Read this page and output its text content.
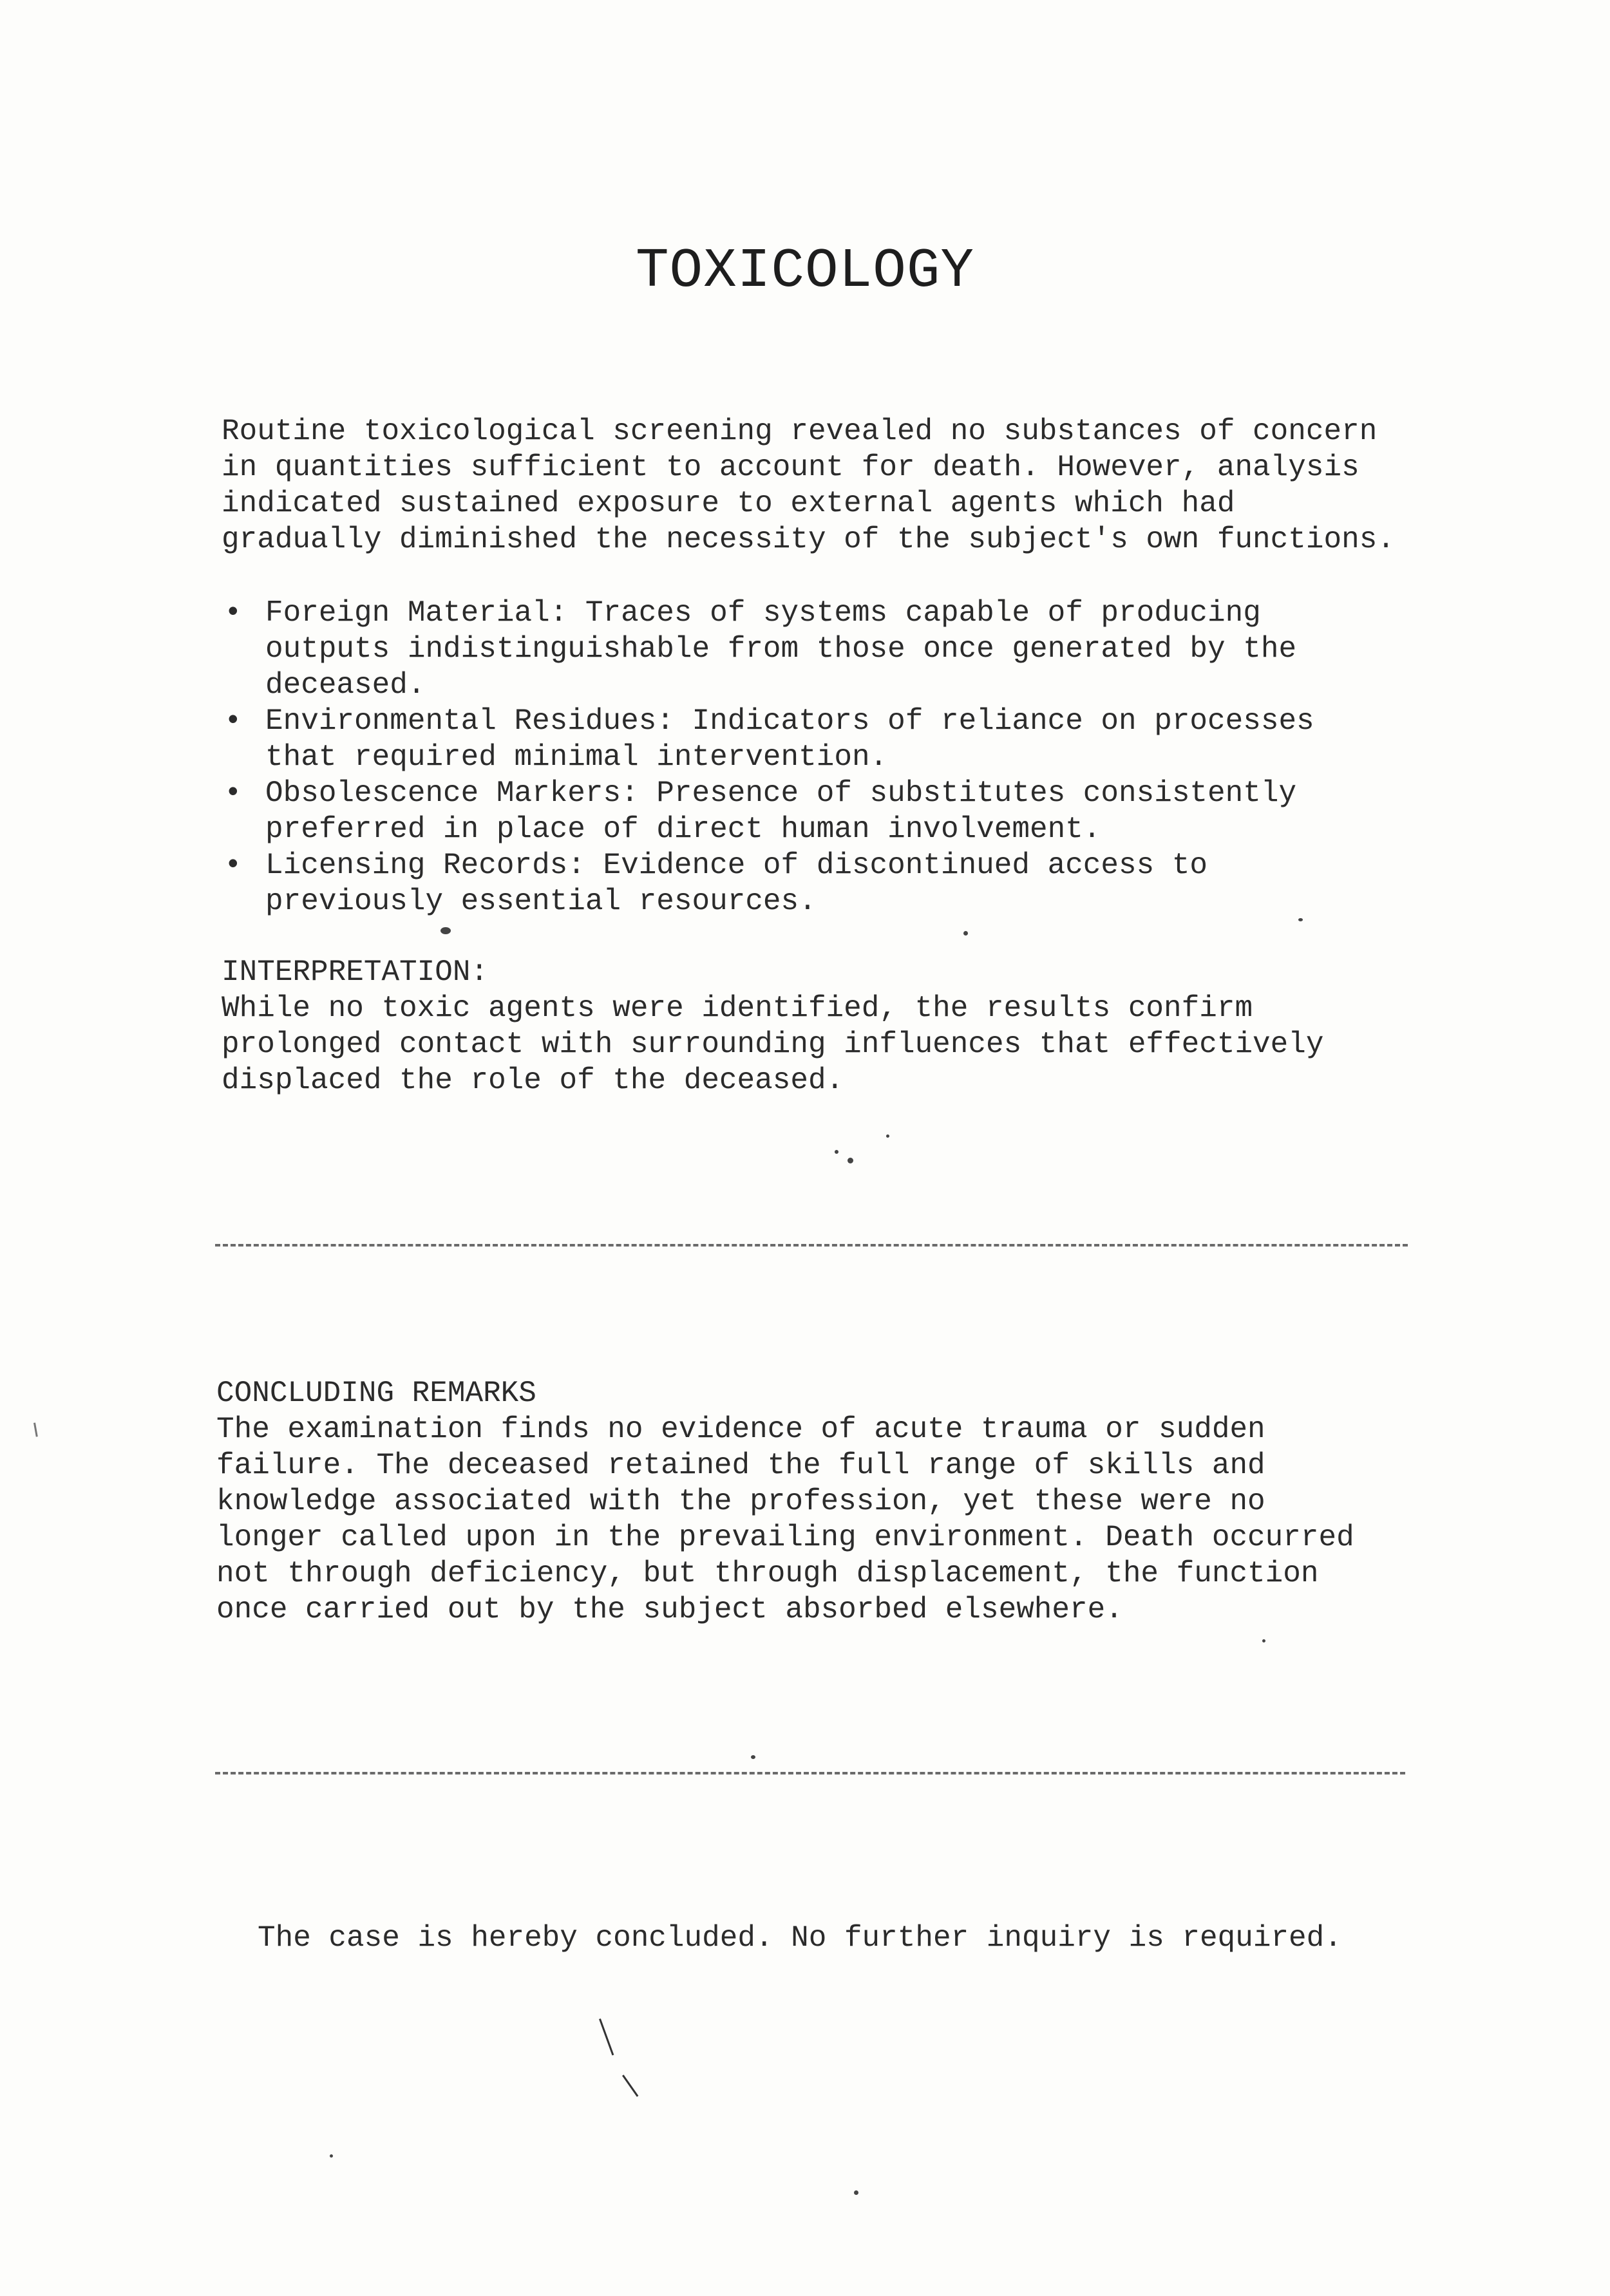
TOXICOLOGY
Routine toxicological screening revealed no substances of concern
in quantities sufficient to account for death. However, analysis
indicated sustained exposure to external agents which had
gradually diminished the necessity of the subject's own functions.
• Foreign Material: Traces of systems capable of producing
outputs indistinguishable from those once generated by the
deceased.
• Environmental Residues: Indicators of reliance on processes
that required minimal intervention.
• Obsolescence Markers: Presence of substitutes consistently
preferred in place of direct human involvement.
• Licensing Records: Evidence of discontinued access to
previously essential resources.
INTERPRETATION:
While no toxic agents were identified, the results confirm
prolonged contact with surrounding influences that effectively
displaced the role of the deceased.
CONCLUDING REMARKS
The examination finds no evidence of acute trauma or sudden
failure. The deceased retained the full range of skills and
knowledge associated with the profession, yet these were no
longer called upon in the prevailing environment. Death occurred
not through deficiency, but through displacement, the function
once carried out by the subject absorbed elsewhere.
The case is hereby concluded. No further inquiry is required.
